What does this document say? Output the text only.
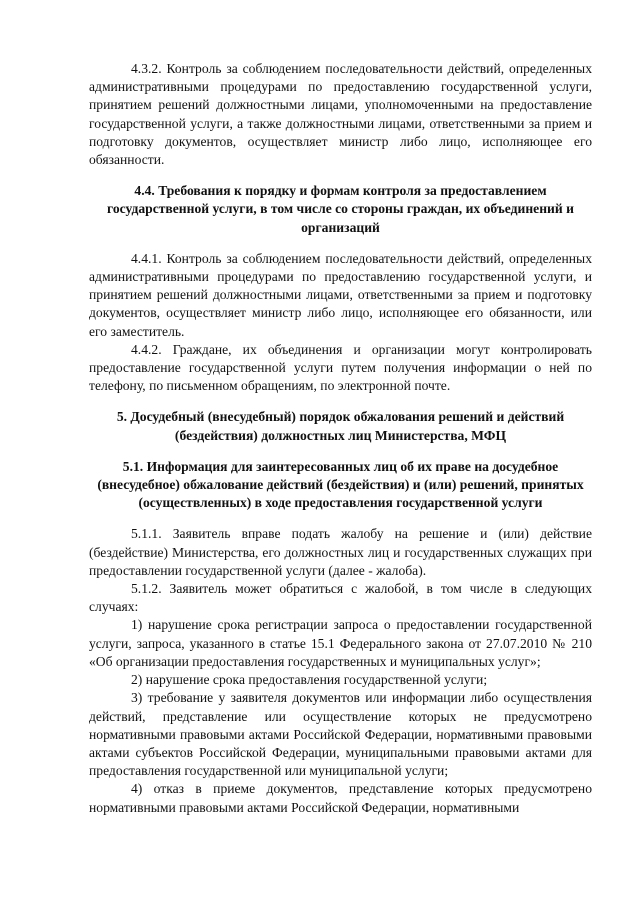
4.3.2. Контроль за соблюдением последовательности действий, определенных административными процедурами по предоставлению государственной услуги, принятием решений должностными лицами, уполномоченными на предоставление государственной услуги, а также должностными лицами, ответственными за прием и подготовку документов, осуществляет министр либо лицо, исполняющее его обязанности.

4.4. Требования к порядку и формам контроля за предоставлением государственной услуги, в том числе со стороны граждан, их объединений и организаций

4.4.1. Контроль за соблюдением последовательности действий, определенных административными процедурами по предоставлению государственной услуги, и принятием решений должностными лицами, ответственными за прием и подготовку документов, осуществляет министр либо лицо, исполняющее его обязанности, или его заместитель.

4.4.2. Граждане, их объединения и организации могут контролировать предоставление государственной услуги путем получения информации о ней по телефону, по письменном обращениям, по электронной почте.

5. Досудебный (внесудебный) порядок обжалования решений и действий (бездействия) должностных лиц Министерства, МФЦ
5.1. Информация для заинтересованных лиц об их праве на досудебное (внесудебное) обжалование действий (бездействия) и (или) решений, принятых (осуществленных) в ходе предоставления государственной услуги

5.1.1. Заявитель вправе подать жалобу на решение и (или) действие (бездействие) Министерства, его должностных лиц и государственных служащих при предоставлении государственной услуги (далее - жалоба).

5.1.2. Заявитель может обратиться с жалобой, в том числе в следующих случаях:

1) нарушение срока регистрации запроса о предоставлении государственной услуги, запроса, указанного в статье 15.1 Федерального закона от 27.07.2010 № 210 «Об организации предоставления государственных и муниципальных услуг»;

2) нарушение срока предоставления государственной услуги;

3) требование у заявителя документов или информации либо осуществления действий, представление или осуществление которых не предусмотрено нормативными правовыми актами Российской Федерации, нормативными правовыми актами субъектов Российской Федерации, муниципальными правовыми актами для предоставления государственной или муниципальной услуги;

4) отказ в приеме документов, представление которых предусмотрено нормативными правовыми актами Российской Федерации, нормативными
